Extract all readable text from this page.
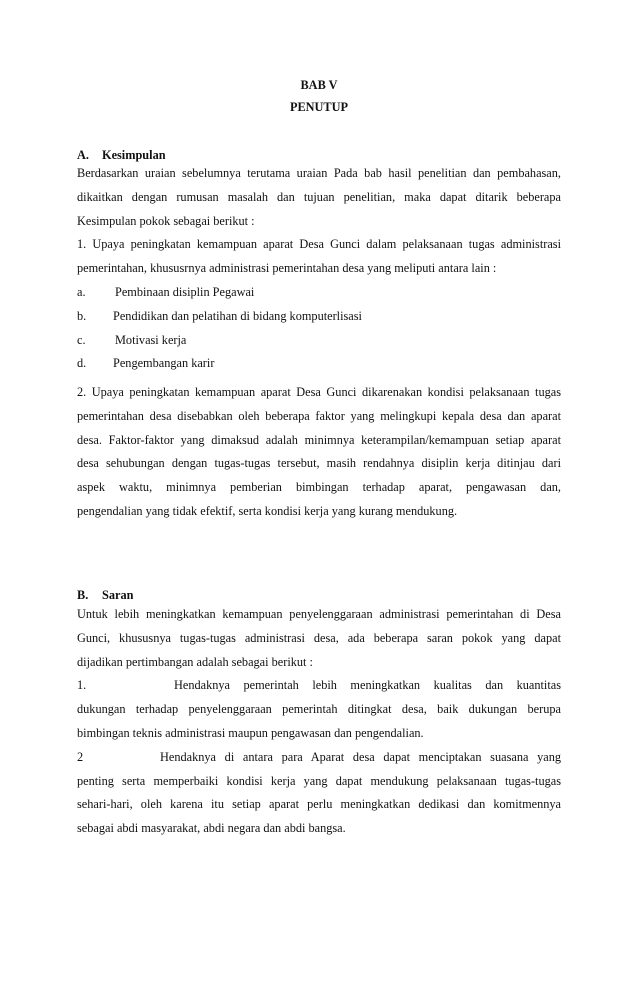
BAB V
PENUTUP
A. Kesimpulan
Berdasarkan uraian sebelumnya terutama uraian Pada bab hasil penelitian dan pembahasan,
dikaitkan dengan rumusan masalah dan tujuan penelitian, maka dapat ditarik beberapa
Kesimpulan pokok sebagai berikut :
1. Upaya peningkatan kemampuan aparat Desa Gunci dalam pelaksanaan tugas administrasi
pemerintahan, khususrnya administrasi pemerintahan desa yang meliputi antara lain :
a. Pembinaan disiplin Pegawai
b. Pendidikan dan pelatihan di bidang komputerlisasi
c. Motivasi kerja
d. Pengembangan karir
2. Upaya peningkatan kemampuan aparat Desa Gunci dikarenakan kondisi pelaksanaan tugas
pemerintahan desa disebabkan oleh beberapa faktor yang melingkupi kepala desa dan aparat
desa. Faktor-faktor yang dimaksud adalah minimnya keterampilan/kemampuan setiap aparat
desa sehubungan dengan tugas-tugas tersebut, masih rendahnya disiplin kerja ditinjau dari
aspek waktu, minimnya pemberian bimbingan terhadap aparat, pengawasan dan,
pengendalian yang tidak efektif, serta kondisi kerja yang kurang mendukung.
B. Saran
Untuk lebih meningkatkan kemampuan penyelenggaraan administrasi pemerintahan di Desa
Gunci, khususnya tugas-tugas administrasi desa, ada beberapa saran pokok yang dapat
dijadikan pertimbangan adalah sebagai berikut :
1.	Hendaknya pemerintah lebih meningkatkan kualitas dan kuantitas
dukungan terhadap penyelenggaraan pemerintah ditingkat desa, baik dukungan berupa
bimbingan teknis administrasi maupun pengawasan dan pengendalian.
2	Hendaknya di antara para Aparat desa dapat menciptakan suasana yang
penting serta memperbaiki kondisi kerja yang dapat mendukung pelaksanaan tugas-tugas
sehari-hari, oleh karena itu setiap aparat perlu meningkatkan dedikasi dan komitmennya
sebagai abdi masyarakat, abdi negara dan abdi bangsa.
